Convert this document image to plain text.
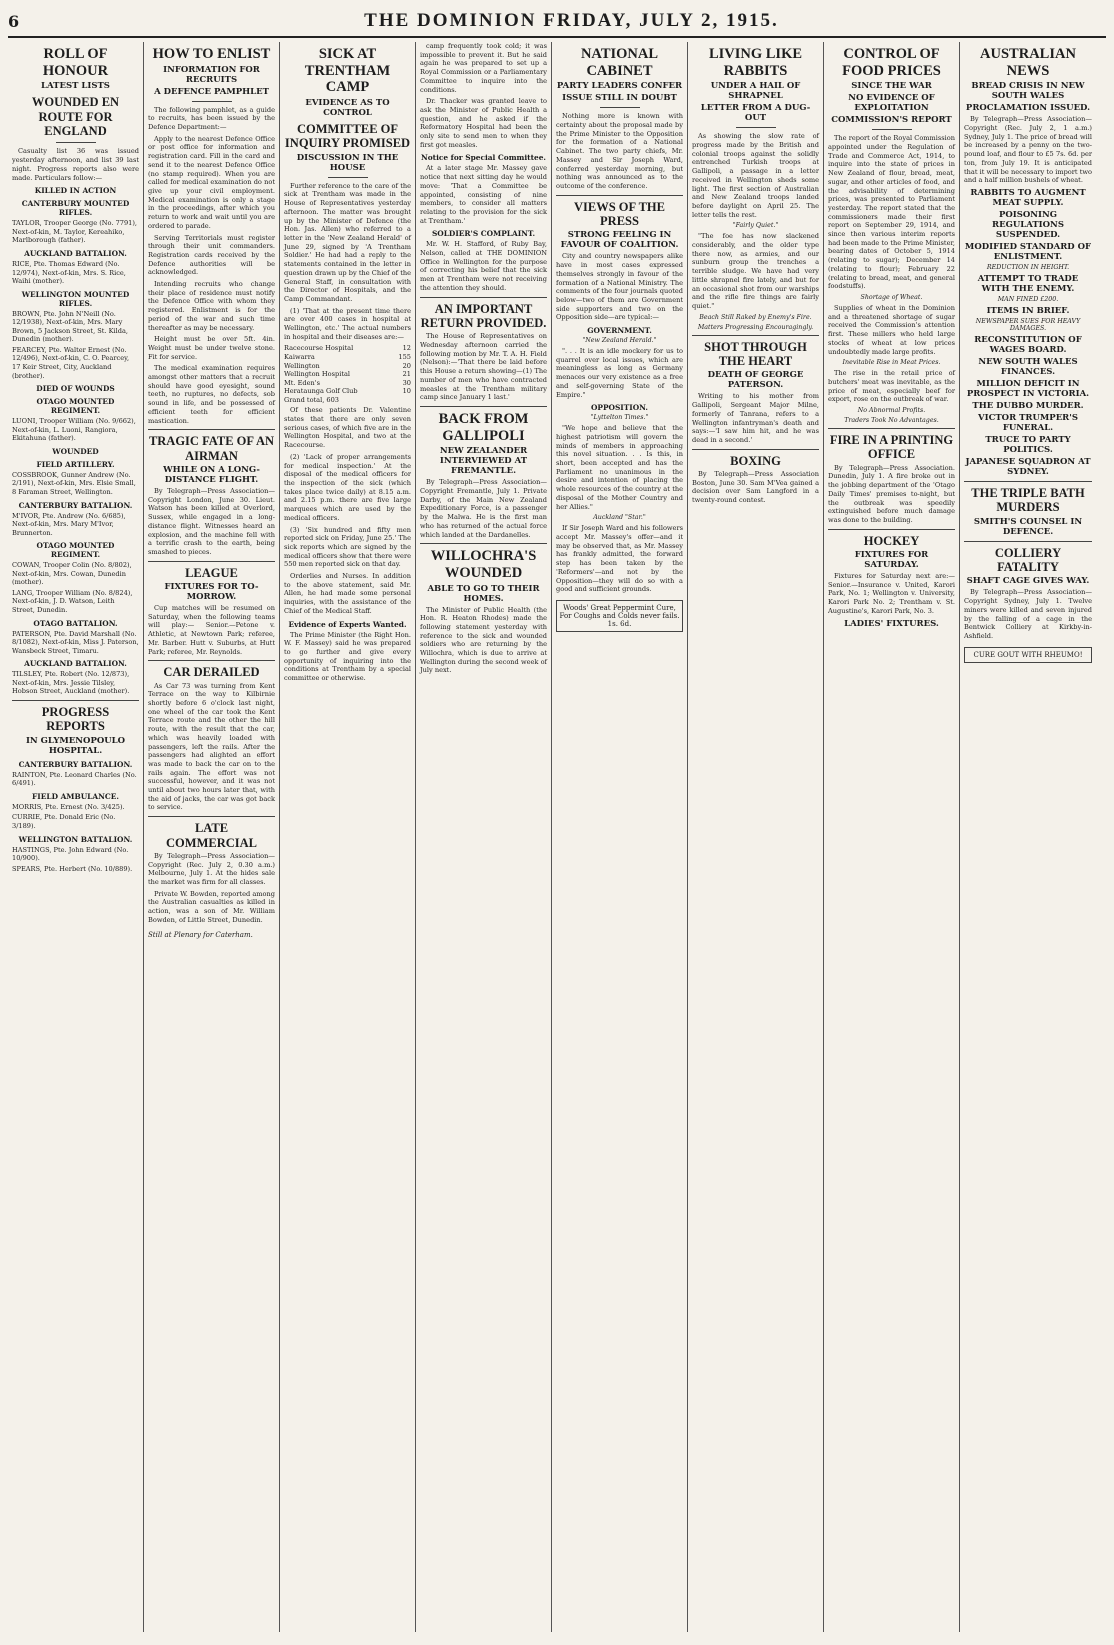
6	THE DOMINION FRIDAY, JULY 2, 1915.
ROLL OF HONOUR
LATEST LISTS
WOUNDED EN ROUTE FOR ENGLAND

Casualty list 36 was issued yesterday afternoon, and list 39 last night. Progress reports also were made. Particulars follow:—

KILLED IN ACTION
CANTERBURY MOUNTED RIFLES.
TAYLOR, Trooper George (No. 7791), Next-of-kin, M. Taylor, Kereahiko, Marlborough (father).
AUCKLAND BATTALION.
RICE, Pte. Thomas Edward (No. 12/974), Next-of-kin, Mrs. S. Rice, Waihi (mother).
WELLINGTON MOUNTED RIFLES.
BROWN, Pte. John N'Neill (No. 12/1938), Next-of-kin, Mrs. Mary Brown, 5 Jackson Street, St. Kilda, Dunedin (mother).
FEARCEY, Pte. Walter Ernest (No. 12/496), Next-of-kin, C. O. Pearcey, 17 Keir Street, City, Auckland (brother).
DIED OF WOUNDS
OTAGO MOUNTED REGIMENT.
LUONI, Trooper William (No. 9/662), Next-of-kin, L. Luoni, Rangiora, Ekitahuna (father).
WOUNDED
FIELD ARTILLERY.
COSSBROOK, Gunner Andrew (No. 2/191), Next-of-kin, Mrs. Elsie Small, 8 Faraman Street, Wellington.
CANTERBURY BATTALION.
M'IVOR, Pte. Andrew (No. 6/685), Next-of-kin, Mrs. Mary M'Ivor, Brunnerton.
OTAGO MOUNTED REGIMENT.
COWAN, Trooper Colin (No. 8/802), Next-of-kin, Mrs. Cowan, Dunedin (mother).
LANG, Trooper William (No. 8/824), Next-of-kin, J. D. Watson, Leith Street, Dunedin.
OTAGO BATTALION.
PATERSON, Pte. David Marshall (No. 8/1082), Next-of-kin, Miss J. Paterson, Wansbeck Street, Timaru.
AUCKLAND BATTALION.
TILSLEY, Pte. Robert (No. 12/873), Next-of-kin, Mrs. Jessie Tilsley, Hobson Street, Auckland (mother).
PROGRESS REPORTS
IN GLYMENOPOULO HOSPITAL.
CANTERBURY BATTALION.
RAINTON, Pte. Leonard Charles (No. 6/491).
FIELD AMBULANCE.
MORRIS, Pte. Ernest (No. 3/425).
CURRIE, Pte. Donald Eric (No. 3/189).
WELLINGTON BATTALION.
HASTINGS, Pte. John Edward (No. 10/900).
SPEARS, Pte. Herbert (No. 10/889).
HOW TO ENLIST
INFORMATION FOR RECRUITS
A DEFENCE PAMPHLET

The following pamphlet, as a guide to recruits, has been issued by the Defence Department:—

Apply to the nearest Defence Office or post office for information and registration card. Fill in the card and send it to the nearest Defence Office (no stamp required). When you are called for medical examination do not give up your civil employment. Medical examination is only a stage in the proceedings, after which you return to work and wait until you are ordered to parade.

Serving Territorials must register through their unit commanders. Registration cards received by the Defence authorities will be acknowledged.

Intending recruits who change their place of residence must notify the Defence Office with whom they registered. Enlistment is for the period of the war and such time thereafter as may be necessary.

Height must be over 5ft. 4in. Weight must be under twelve stone. Fit for service.

The medical examination requires amongst other matters that a recruit should have good eyesight, sound teeth, no ruptures, no defects, sob sound in life, and be possessed of efficient teeth for efficient mastication.

TRAGIC FATE OF AN AIRMAN
WHILE ON A LONG-DISTANCE FLIGHT.

By Telegraph—Press Association—Copyright London, June 30. Lieut. Watson has been killed at Overlord, Sussex, while engaged in a long-distance flight. Witnesses heard an explosion, and the machine fell with a terrific crash to the earth, being smashed to pieces.

LEAGUE
FIXTURES FOR TO-MORROW.

Cup matches will be resumed on Saturday, when the following teams will play:— Senior.—Petone v. Athletic, at Newtown Park; referee, Mr. Barber. Hutt v. Suburbs, at Hutt Park; referee, Mr. Reynolds.

CAR DERAILED

As Car 73 was turning from Kent Terrace on the way to Kilbirnie shortly before 6 o'clock last night, one wheel of the car took the Kent Terrace route and the other the hill route, with the result that the car, which was heavily loaded with passengers, left the rails. After the passengers had alighted an effort was made to back the car on to the rails again. The effort was not successful, however, and it was not until about two hours later that, with the aid of jacks, the car was got back to service.

LATE COMMERCIAL

By Telegraph—Press Association—Copyright (Rec. July 2, 0.30 a.m.) Melbourne, July 1. At the hides sale the market was firm for all classes.

Private W. Bowden, reported among the Australian casualties as killed in action, was a son of Mr. William Bowden, of Little Street, Dunedin.

Still at Plenary for Caterham.
SICK AT TRENTHAM CAMP
EVIDENCE AS TO CONTROL
COMMITTEE OF INQUIRY PROMISED
DISCUSSION IN THE HOUSE

Further reference to the care of the sick at Trentham was made in the House of Representatives yesterday afternoon. The matter was brought up by the Minister of Defence (the Hon. Jas. Allen) who referred to a letter in the 'New Zealand Herald' of June 29, signed by 'A Trentham Soldier.' He had had a reply to the statements contained in the letter in question drawn up by the Chief of the General Staff, in consultation with the Director of Hospitals, and the Camp Commandant.

(1) 'That at the present time there are over 400 cases in hospital at Wellington, etc.' The actual numbers in hospital and their diseases are:—

Racecourse Hospital	12
Kaiwarra	155
Wellington	20
Wellington Hospital	21
Mt. Eden's	30
Herataunga Golf Club	10
Grand total, 603

Of these patients Dr. Valentine states that there are only seven serious cases, of which five are in the Wellington Hospital, and two at the Racecourse.

(2) 'Lack of proper arrangements for medical inspection.' At the disposal of the medical officers for the inspection of the sick (which takes place twice daily) at 8.15 a.m. and 2.15 p.m. there are five large marquees which are used by the medical officers.

(3) 'Six hundred and fifty men reported sick on Friday, June 25.' The sick reports which are signed by the medical officers show that there were 550 men reported sick on that day.

Orderlies and Nurses. In addition to the above statement, said Mr. Allen, he had made some personal inquiries, with the assistance of the Chief of the Medical Staff.

Evidence of Experts Wanted.

The Prime Minister (the Right Hon. W. F. Massey) said he was prepared to go further and give every opportunity of inquiring into the conditions at Trentham by a special committee or otherwise.

camp frequently took cold; it was impossible to prevent it. But he said again he was prepared to set up a Royal Commission or a Parliamentary Committee to inquire into the conditions.

Dr. Thacker was granted leave to ask the Minister of Public Health a question, and he asked if the Reformatory Hospital had been the only site to send men to when they first got measles.

Notice for Special Committee.

At a later stage Mr. Massey gave notice that next sitting day he would move: 'That a Committee be appointed, consisting of nine members, to consider all matters relating to the provision for the sick at Trentham.'

SOLDIER'S COMPLAINT.

Mr. W. H. Stafford, of Ruby Bay, Nelson, called at THE DOMINION Office in Wellington for the purpose of correcting his belief that the sick men at Trentham were not receiving the attention they should.

AN IMPORTANT RETURN PROVIDED.

The House of Representatives on Wednesday afternoon carried the following motion by Mr. T. A. H. Field (Nelson):—'That there be laid before this House a return showing—(1) The number of men who have contracted measles at the Trentham military camp since January 1 last.'

BACK FROM GALLIPOLI
NEW ZEALANDER INTERVIEWED AT FREMANTLE.

By Telegraph—Press Association—Copyright Fremantle, July 1. Private Darby, of the Main New Zealand Expeditionary Force, is a passenger by the Malwa. He is the first man who has returned of the actual force which landed at the Dardanelles.

WILLOCHRA'S WOUNDED
ABLE TO GO TO THEIR HOMES.

The Minister of Public Health (the Hon. R. Heaton Rhodes) made the following statement yesterday with reference to the sick and wounded soldiers who are returning by the Willochra, which is due to arrive at Wellington during the second week of July next.

NATIONAL CABINET
PARTY LEADERS CONFER
ISSUE STILL IN DOUBT

Nothing more is known with certainty about the proposal made by the Prime Minister to the Opposition for the formation of a National Cabinet. The two party chiefs, Mr. Massey and Sir Joseph Ward, conferred yesterday morning, but nothing was announced as to the outcome of the conference.

VIEWS OF THE PRESS
STRONG FEELING IN FAVOUR OF COALITION.

City and country newspapers alike have in most cases expressed themselves strongly in favour of the formation of a National Ministry. The comments of the four journals quoted below—two of them are Government side supporters and two on the Opposition side—are typical:—

GOVERNMENT.
"New Zealand Herald."

". . . It is an idle mockery for us to quarrel over local issues, which are meaningless as long as Germany menaces our very existence as a free and self-governing State of the Empire."

OPPOSITION.
"Lyttelton Times."

"We hope and believe that the highest patriotism will govern the minds of members in approaching this novel situation. . . Is this, in short, been accepted and has the Parliament no unanimous in the desire and intention of placing the whole resources of the country at the disposal of the Mother Country and her Allies."

Auckland "Star."

If Sir Joseph Ward and his followers accept Mr. Massey's offer—and it may be observed that, as Mr. Massey has frankly admitted, the forward step has been taken by the 'Reformers'—and not by the Opposition—they will do so with a good and sufficient grounds.

Woods' Great Peppermint Cure, For Coughs and Colds never fails. 1s. 6d.
LIVING LIKE RABBITS
UNDER A HAIL OF SHRAPNEL
LETTER FROM A DUG-OUT

As showing the slow rate of progress made by the British and colonial troops against the solidly entrenched Turkish troops at Gallipoli, a passage in a letter received in Wellington sheds some light. The first section of Australian and New Zealand troops landed before daylight on April 25. The letter tells the rest.

"Fairly Quiet."

"The foe has now slackened considerably, and the older type there now, as armies, and our sunburn group the trenches a terrible sludge. We have had very little shrapnel fire lately, and but for an occasional shot from our warships and the rifle fire things are fairly quiet."

Beach Still Raked by Enemy's Fire.
Matters Progressing Encouragingly.
SHOT THROUGH THE HEART
DEATH OF GEORGE PATERSON.

Writing to his mother from Gallipoli, Sergeant Major Milne, formerly of Tanrana, refers to a Wellington infantryman's death and says:—'I saw him hit, and he was dead in a second.'

BOXING

By Telegraph—Press Association Boston, June 30. Sam M'Vea gained a decision over Sam Langford in a twenty-round contest.

CONTROL OF FOOD PRICES
SINCE THE WAR
NO EVIDENCE OF EXPLOITATION
COMMISSION'S REPORT

The report of the Royal Commission appointed under the Regulation of Trade and Commerce Act, 1914, to inquire into the state of prices in New Zealand of flour, bread, meat, sugar, and other articles of food, and the advisability of determining prices, was presented to Parliament yesterday. The report stated that the commissioners made their first report on September 29, 1914, and since then various interim reports had been made to the Prime Minister, bearing dates of October 5, 1914 (relating to sugar); December 14 (relating to flour); February 22 (relating to bread, meat, and general foodstuffs).

Shortage of Wheat.

Supplies of wheat in the Dominion and a threatened shortage of sugar received the Commission's attention first. These millers who held large stocks of wheat at low prices undoubtedly made large profits.

Inevitable Rise in Meat Prices.

The rise in the retail price of butchers' meat was inevitable, as the price of meat, especially beef for export, rose on the outbreak of war.

No Abnormal Profits.
Traders Took No Advantages.
FIRE IN A PRINTING OFFICE

By Telegraph—Press Association. Dunedin, July 1. A fire broke out in the jobbing department of the 'Otago Daily Times' premises to-night, but the outbreak was speedily extinguished before much damage was done to the building.

HOCKEY
FIXTURES FOR SATURDAY.

Fixtures for Saturday next are:— Senior.—Insurance v. United, Karori Park, No. 1; Wellington v. University, Karori Park No. 2; Trentham v. St. Augustine's, Karori Park, No. 3.

LADIES' FIXTURES.
AUSTRALIAN NEWS
BREAD CRISIS IN NEW SOUTH WALES
PROCLAMATION ISSUED.

By Telegraph—Press Association—Copyright (Rec. July 2, 1 a.m.) Sydney, July 1. The price of bread will be increased by a penny on the two-pound loaf, and flour to £5 7s. 6d. per ton, from July 19. It is anticipated that it will be necessary to import two and a half million bushels of wheat.

RABBITS TO AUGMENT MEAT SUPPLY.
POISONING REGULATIONS SUSPENDED.
MODIFIED STANDARD OF ENLISTMENT.
REDUCTION IN HEIGHT.
ATTEMPT TO TRADE WITH THE ENEMY.
MAN FINED £200.
ITEMS IN BRIEF.
NEWSPAPER SUES FOR HEAVY DAMAGES.
RECONSTITUTION OF WAGES BOARD.
NEW SOUTH WALES FINANCES.
MILLION DEFICIT IN PROSPECT IN VICTORIA.
THE DUBBO MURDER.
VICTOR TRUMPER'S FUNERAL.
TRUCE TO PARTY POLITICS.
JAPANESE SQUADRON AT SYDNEY.
THE TRIPLE BATH MURDERS
SMITH'S COUNSEL IN DEFENCE.
COLLIERY FATALITY
SHAFT CAGE GIVES WAY.

By Telegraph—Press Association—Copyright Sydney, July 1. Twelve miners were killed and seven injured by the falling of a cage in the Bentwick Colliery at Kirkby-in-Ashfield.

CURE GOUT WITH RHEUMO!
